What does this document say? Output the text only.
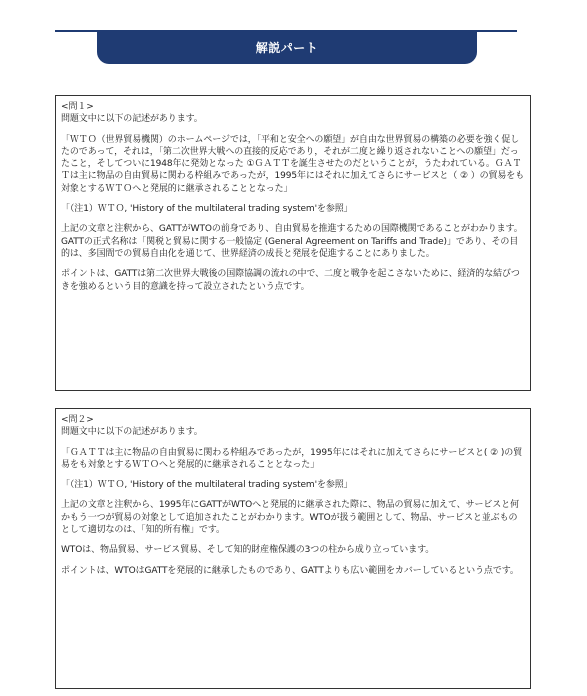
解説パート

<問１>

問題文中に以下の記述があります。

「ＷＴＯ（世界貿易機関）のホームページでは，「平和と安全への願望」が自由な世界貿易の構築の必要を強く促したのであって，それは，「第二次世界大戦への直接的反応であり，それが二度と繰り返されないことへの願望」だったこと，そしてついに1948年に発効となった ①ＧＡＴＴを誕生させたのだということが，うたわれている。ＧＡＴＴは主に物品の自由貿易に関わる枠組みであったが，1995年にはそれに加えてさらにサービスと（ ② ）の貿易をも対象とするＷＴＯへと発展的に継承されることとなった」

「（注1）ＷＴＯ, 'History of the multilateral trading system'を参照」

上記の文章と注釈から、GATTがWTOの前身であり、自由貿易を推進するための国際機関であることがわかります。GATTの正式名称は「関税と貿易に関する一般協定 (General Agreement on Tariffs and Trade)」であり、その目的は、多国間での貿易自由化を通じて、世界経済の成長と発展を促進することにありました。

ポイントは、GATTは第二次世界大戦後の国際協調の流れの中で、二度と戦争を起こさないために、経済的な結びつきを強めるという目的意識を持って設立されたという点です。

<問２>

問題文中に以下の記述があります。

「ＧＡＴＴは主に物品の自由貿易に関わる枠組みであったが，1995年にはそれに加えてさらにサービスと( ② )の貿易をも対象とするＷＴＯへと発展的に継承されることとなった」

「（注1）ＷＴＯ, 'History of the multilateral trading system'を参照」

上記の文章と注釈から、1995年にGATTがWTOへと発展的に継承された際に、物品の貿易に加えて、サービスと何かもう一つが貿易の対象として追加されたことがわかります。WTOが扱う範囲として、物品、サービスと並ぶものとして適切なのは、「知的所有権」です。

WTOは、物品貿易、サービス貿易、そして知的財産権保護の3つの柱から成り立っています。

ポイントは、WTOはGATTを発展的に継承したものであり、GATTよりも広い範囲をカバーしているという点です。
